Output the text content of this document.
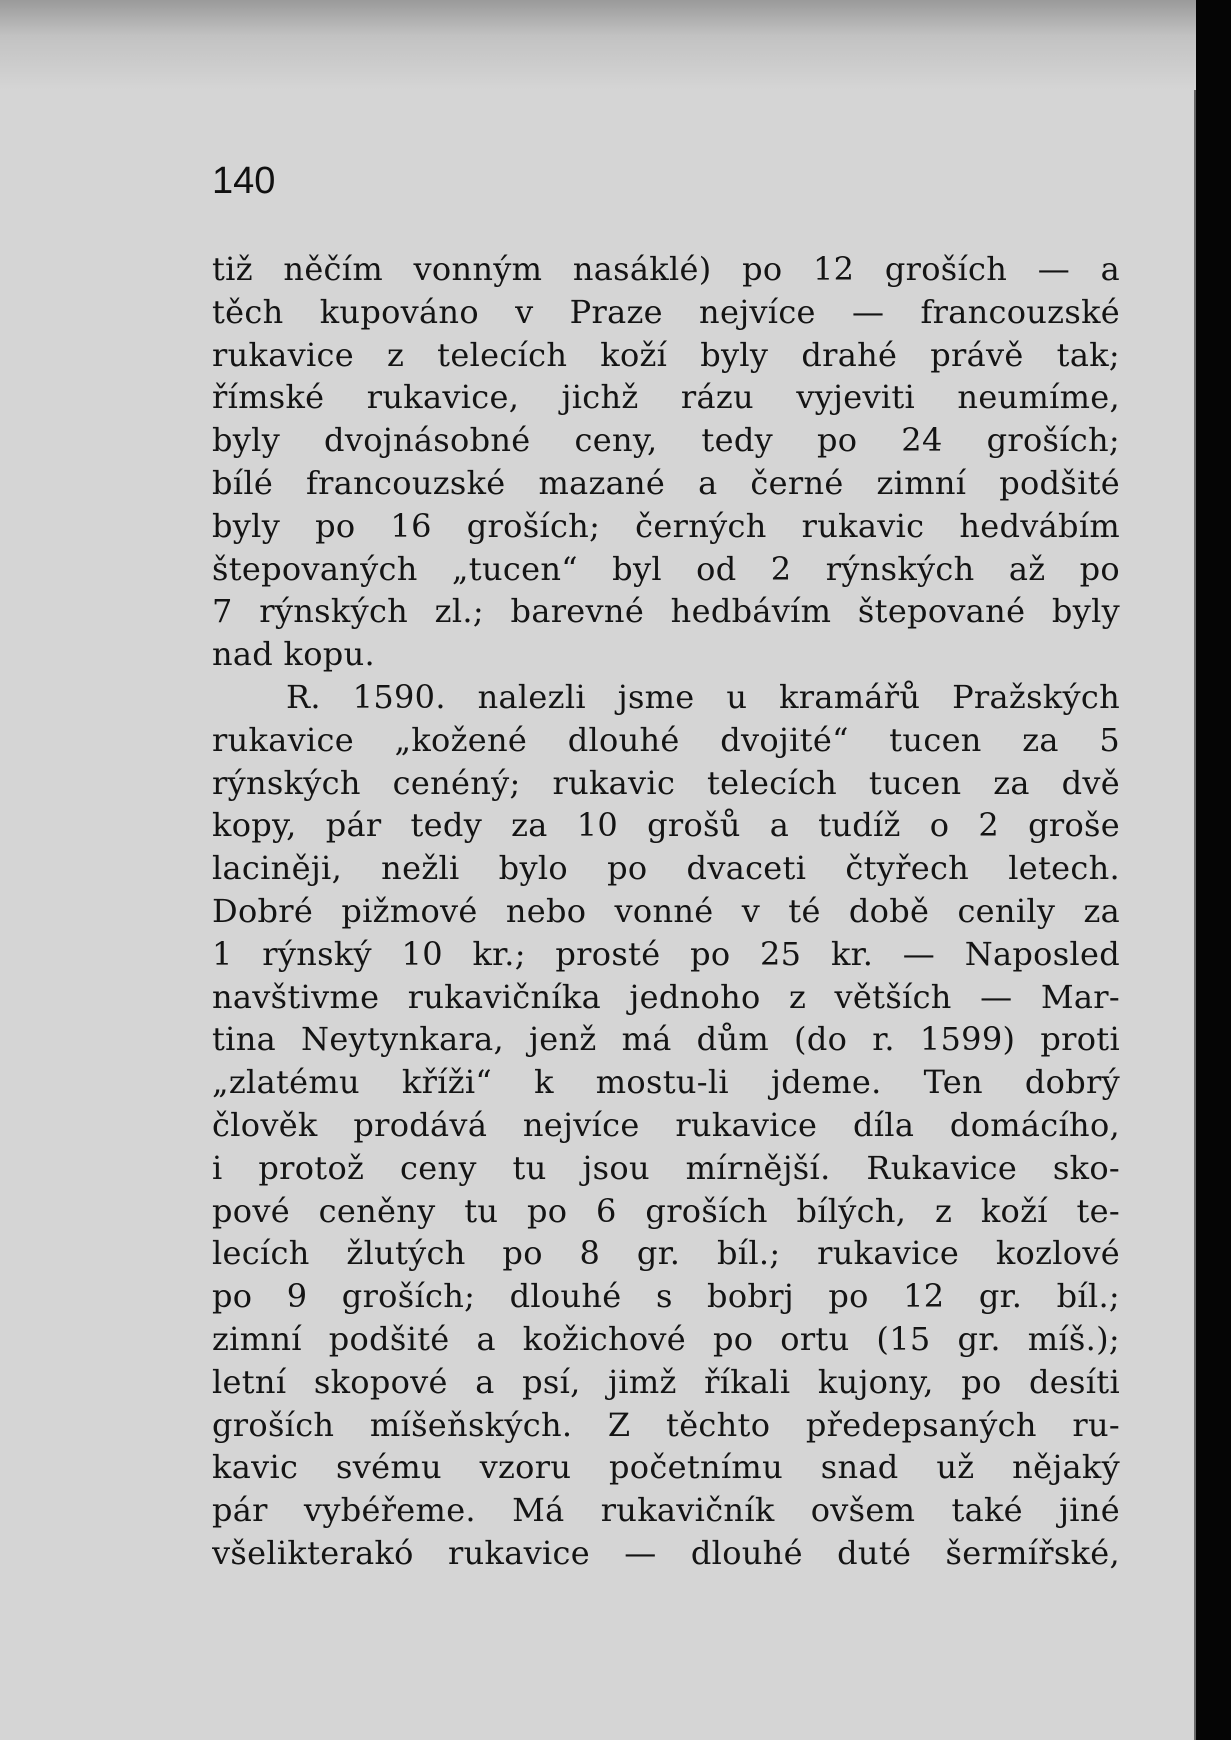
140

tiž něčím vonným nasáklé) po 12 groších — a
těch kupováno v Praze nejvíce — francouzské
rukavice z telecích koží byly drahé právě tak;
římské rukavice, jichž rázu vyjeviti neumíme,
byly dvojnásobné ceny, tedy po 24 groších;
bílé francouzské mazané a černé zimní podšité
byly po 16 groších; černých rukavic hedvábím
štepovaných „tucen“ byl od 2 rýnských až po
7 rýnských zl.; barevné hedbávím štepované byly
nad kopu.
R. 1590. nalezli jsme u kramářů Pražských
rukavice „kožené dlouhé dvojité“ tucen za 5
rýnských cenéný; rukavic telecích tucen za dvě
kopy, pár tedy za 10 grošů a tudíž o 2 groše
laciněji, nežli bylo po dvaceti čtyřech letech.
Dobré pižmové nebo vonné v té době cenily za
1 rýnský 10 kr.; prosté po 25 kr. — Naposled
navštivme rukavičníka jednoho z větších — Mar-
tina Neytynkara, jenž má dům (do r. 1599) proti
„zlatému kříži“ k mostu-li jdeme. Ten dobrý
člověk prodává nejvíce rukavice díla domácího,
i protož ceny tu jsou mírnější. Rukavice sko-
pové ceněny tu po 6 groších bílých, z koží te-
lecích žlutých po 8 gr. bíl.; rukavice kozlové
po 9 groších; dlouhé s bobrj po 12 gr. bíl.;
zimní podšité a kožichové po ortu (15 gr. míš.);
letní skopové a psí, jimž říkali kujony, po desíti
groších míšeňských. Z těchto předepsaných ru-
kavic svému vzoru početnímu snad už nějaký
pár vybéřeme. Má rukavičník ovšem také jiné
všelikterakó rukavice — dlouhé duté šermířské,
